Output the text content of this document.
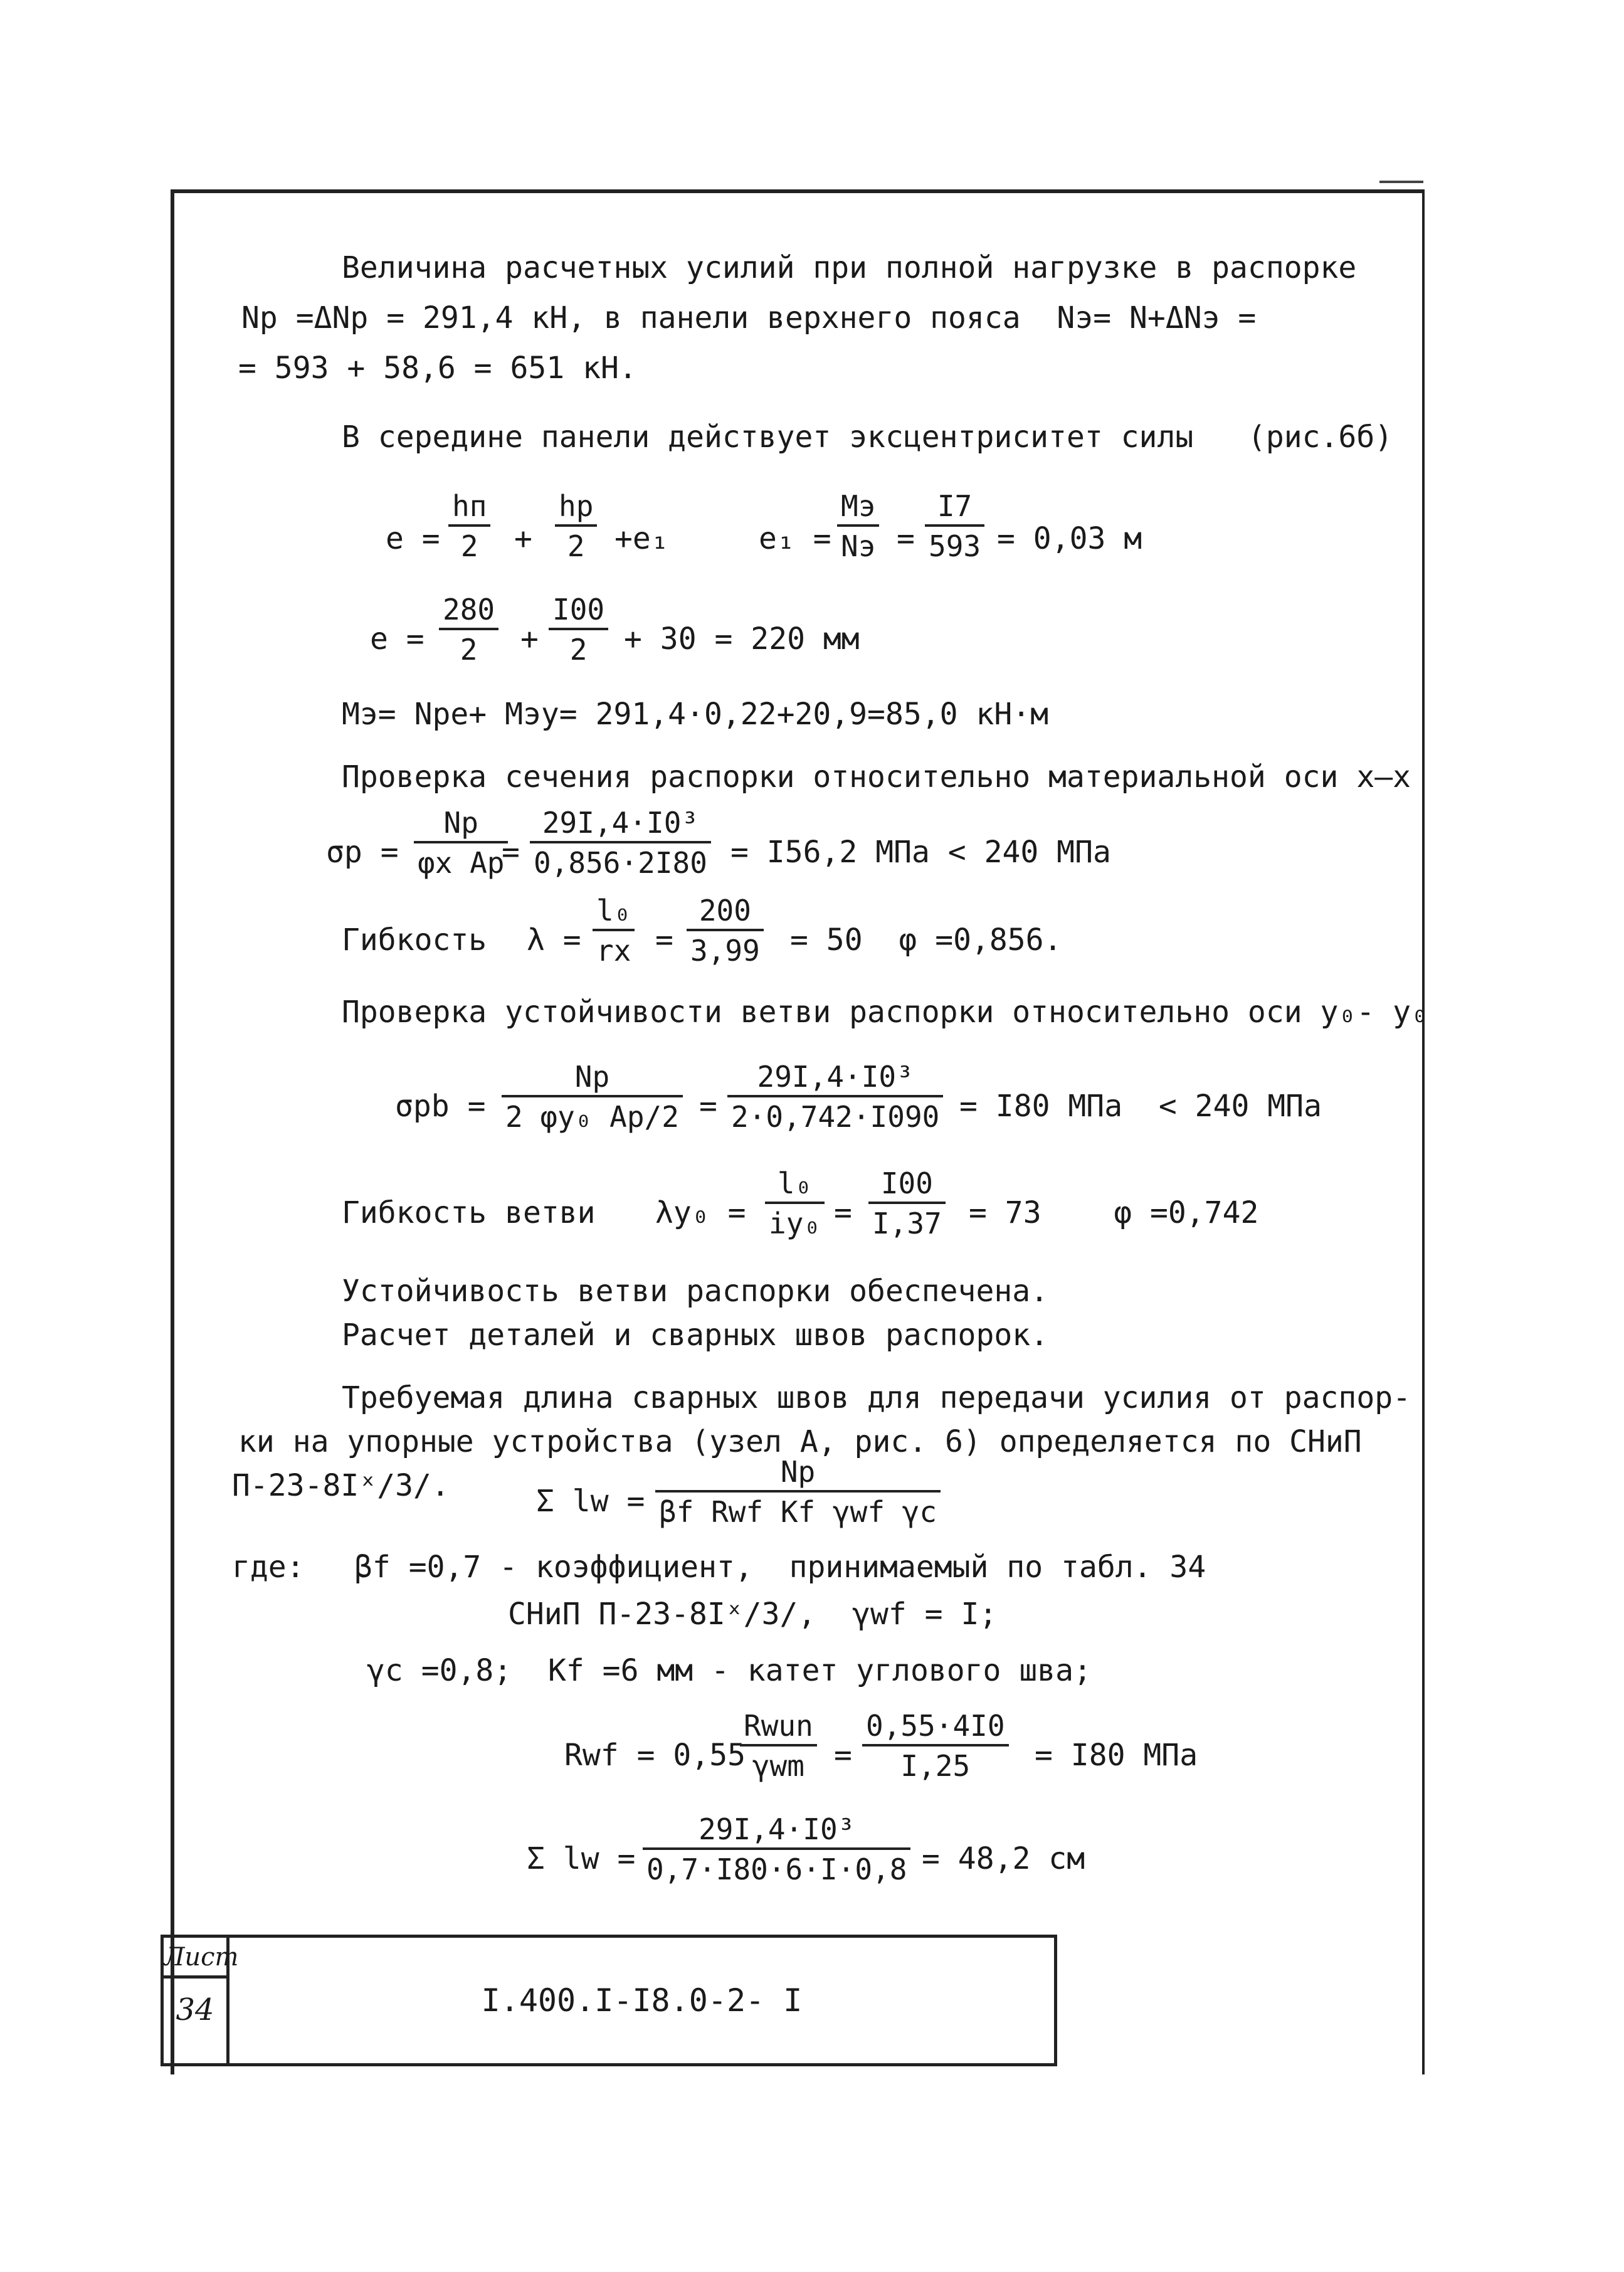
Величина расчетных усилий при полной нагрузке в распорке
Nр =ΔNр = 291,4 кН, в панели верхнего пояса  Nэ= N+ΔNэ =
= 593 + 58,6 = 651 кН.
В середине панели действует эксцентриситет силы   (рис.6б)
e =
hп
2	+
hр
2 +e₁	e₁ =
Mэ
Nэ = $\frac{I7}{593} = 0,03$ м
$e = \frac{280}{2} + \frac{I00}{2} + 30 = 220$ мм
Mэ= Nрe+ Mэу= 291,4·0,22+20,9=85,0 кН·м
Проверка сечения распорки относительно материальной оси x–x
σр =
Nр
φx Aр
= $\frac{\text{29I,4·I0³}}{0,856\cdot 2I80} = I56,2$ МПа < 240 МПа
Гибкость $\lambda = \frac{\text{l₀}}{rx} = \frac{200}{3,99} = 50$  φ =0,856.
Проверка устойчивости ветви распорки относительно оси y₀- y₀
σрb =
Nр
2 φy₀ $Aр/2 = \frac{\text{29I,4·I0³}}{2\cdot 0,742\cdot I090} = I80$ МПа  < 240 МПа
Гибкость ветви $\lambda y_0 = \frac{\text{l₀}}{\text{iy₀}} = \frac{I00}{I,37} = 73$    φ =0,742
Устойчивость ветви распорки обеспечена.
Расчет деталей и сварных швов распорок.
Требуемая длина сварных швов для передачи усилия от распор-
ки на упорные устройства (узел А, рис. 6) определяется по СНиП
П-23-8Iˣ/3/.	Σ lw =
Nр
βf Rwf Kf γwf γc
где: βf =0,7 - коэффициент,  принимаемый по табл. 34
СНиП П-23-8Iˣ/3/,  γwf = I;
γc =0,8;  Kf =6 мм - катет углового шва;
Rwf = 0,55
Rwun
$\gamma wm = \frac{0,55\cdot 4I0}{I,25} = I80$ МПа
Σ lw = $\frac{\text{29I,4·I0³}}{0,7\cdot I80\cdot 6\cdot I\cdot 0,8} = 48,2$ см
Лист
34	I.400.I-I8.0-2- I
